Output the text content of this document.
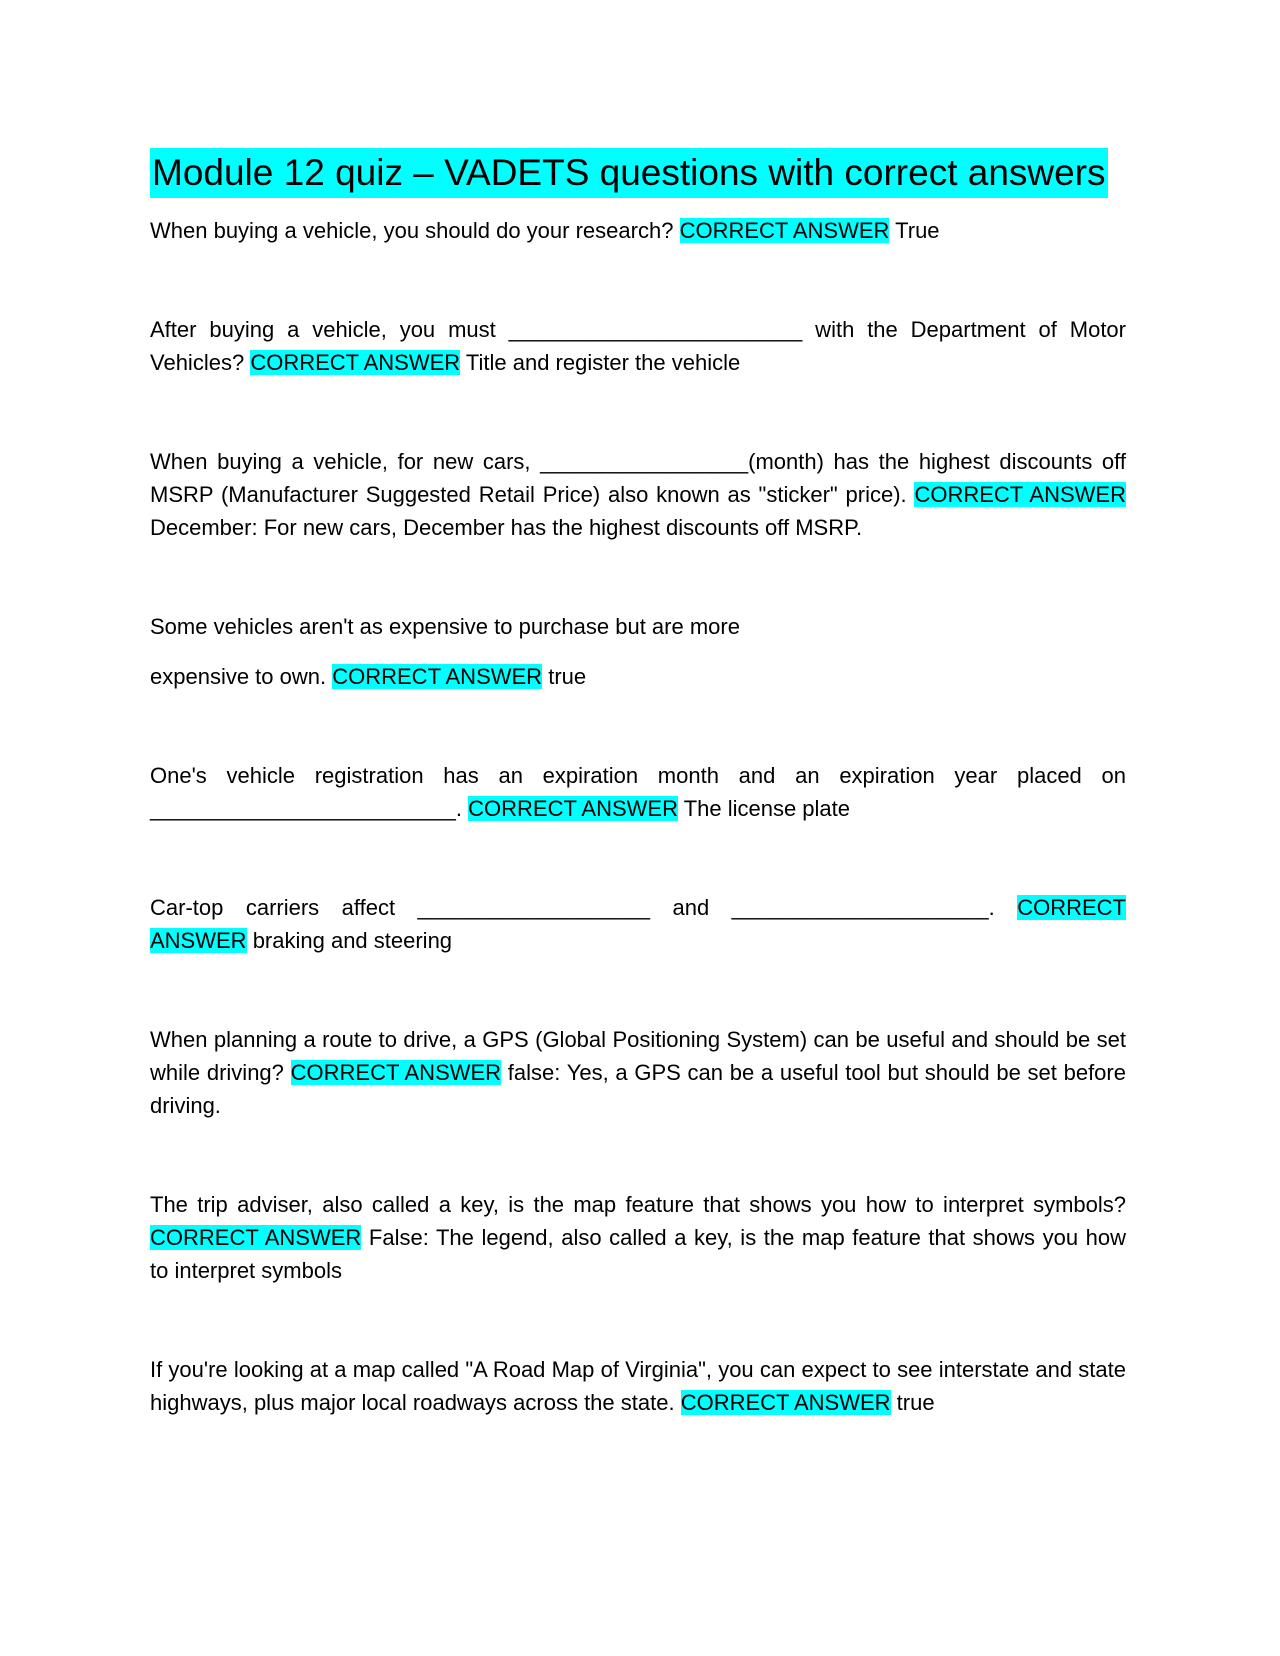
Module 12 quiz – VADETS questions with correct answers

When buying a vehicle, you should do your research? CORRECT ANSWER True

After buying a vehicle, you must ________________________ with the Department of Motor Vehicles? CORRECT ANSWER Title and register the vehicle

When buying a vehicle, for new cars, _________________(month) has the highest discounts off MSRP (Manufacturer Suggested Retail Price) also known as "sticker" price). CORRECT ANSWER December: For new cars, December has the highest discounts off MSRP.

Some vehicles aren't as expensive to purchase but are more
expensive to own. CORRECT ANSWER true

One's vehicle registration has an expiration month and an expiration year placed on _________________________. CORRECT ANSWER The license plate

Car-top carriers affect ___________________ and _____________________. CORRECT ANSWER braking and steering

When planning a route to drive, a GPS (Global Positioning System) can be useful and should be set while driving? CORRECT ANSWER false: Yes, a GPS can be a useful tool but should be set before driving.

The trip adviser, also called a key, is the map feature that shows you how to interpret symbols? CORRECT ANSWER False: The legend, also called a key, is the map feature that shows you how to interpret symbols

If you're looking at a map called "A Road Map of Virginia", you can expect to see interstate and state highways, plus major local roadways across the state. CORRECT ANSWER true
